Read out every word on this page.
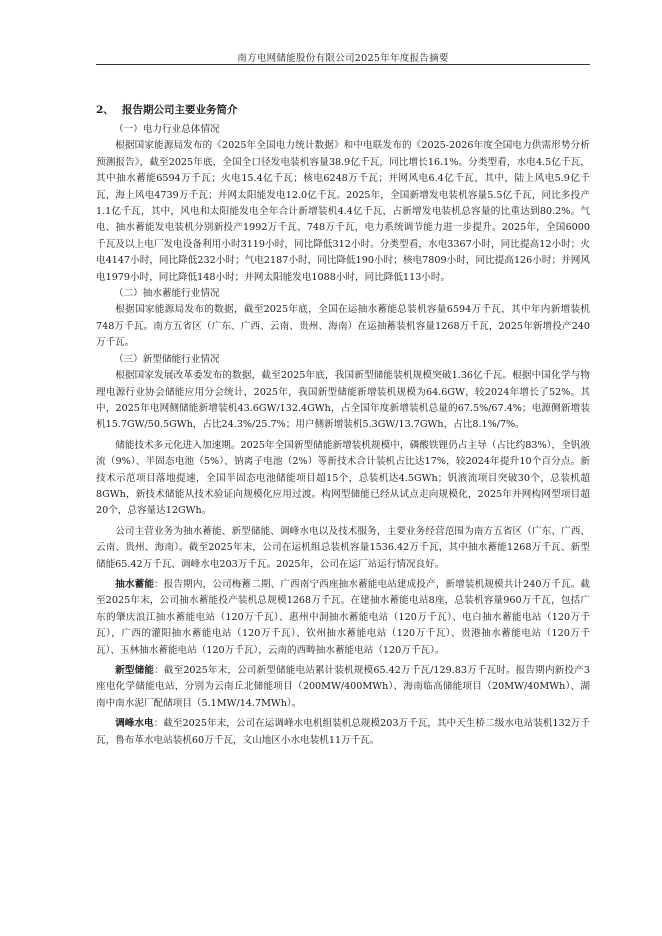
南方电网储能股份有限公司2025年年度报告摘要
2、 报告期公司主要业务简介
（一）电力行业总体情况

根据国家能源局发布的《2025年全国电力统计数据》和中电联发布的《2025-2026年度全国电力供需形势分析预测报告》，截至2025年底，全国全口径发电装机容量38.9亿千瓦，同比增长16.1%。分类型看，水电4.5亿千瓦，其中抽水蓄能6594万千瓦；火电15.4亿千瓦；核电6248万千瓦；并网风电6.4亿千瓦，其中，陆上风电5.9亿千瓦，海上风电4739万千瓦；并网太阳能发电12.0亿千瓦。2025年，全国新增发电装机容量5.5亿千瓦，同比多投产1.1亿千瓦，其中，风电和太阳能发电全年合计新增装机4.4亿千瓦，占新增发电装机总容量的比重达到80.2%。气电、抽水蓄能发电装机分别新投产1992万千瓦、748万千瓦，电力系统调节能力进一步提升。2025年，全国6000千瓦及以上电厂发电设备利用小时3119小时，同比降低312小时。分类型看，水电3367小时，同比提高12小时；火电4147小时，同比降低232小时；气电2187小时，同比降低190小时；核电7809小时，同比提高126小时；并网风电1979小时，同比降低148小时；并网太阳能发电1088小时，同比降低113小时。

（二）抽水蓄能行业情况

根据国家能源局发布的数据，截至2025年底，全国在运抽水蓄能总装机容量6594万千瓦，其中年内新增装机748万千瓦。南方五省区（广东、广西、云南、贵州、海南）在运抽蓄装机容量1268万千瓦，2025年新增投产240万千瓦。

（三）新型储能行业情况

根据国家发展改革委发布的数据，截至2025年底，我国新型储能装机规模突破1.36亿千瓦。根据中国化学与物理电源行业协会储能应用分会统计，2025年，我国新型储能新增装机规模为64.6GW，较2024年增长了52%。其中，2025年电网侧储能新增装机43.6GW/132.4GWh，占全国年度新增装机总量的67.5%/67.4%；电源侧新增装机15.7GW/50.5GWh，占比24.3%/25.7%；用户侧新增装机5.3GW/13.7GWh，占比8.1%/7%。

储能技术多元化进入加速期。2025年全国新型储能新增装机规模中，磷酸铁锂仍占主导（占比约83%），全钒液流（9%）、半固态电池（5%）、钠离子电池（2%）等新技术合计装机占比达17%，较2024年提升10个百分点。新技术示范项目落地提速，全国半固态电池储能项目超15个，总装机达4.5GWh；钒液流项目突破30个，总装机超8GWh，新技术储能从技术验证向规模化应用过渡。构网型储能已经从试点走向规模化，2025年并网构网型项目超20个，总容量达12GWh。

公司主营业务为抽水蓄能、新型储能、调峰水电以及技术服务，主要业务经营范围为南方五省区（广东、广西、云南、贵州、海南）。截至2025年末，公司在运机组总装机容量1536.42万千瓦，其中抽水蓄能1268万千瓦、新型储能65.42万千瓦、调峰水电203万千瓦。2025年，公司在运厂站运行情况良好。

抽水蓄能：报告期内，公司梅蓄二期、广西南宁西座抽水蓄能电站建成投产，新增装机规模共计240万千瓦。截至2025年末，公司抽水蓄能投产装机总规模1268万千瓦。在建抽水蓄能电站8座，总装机容量960万千瓦，包括广东的肇庆浪江抽水蓄能电站（120万千瓦）、惠州中洞抽水蓄能电站（120万千瓦）、电白抽水蓄能电站（120万千瓦），广西的灌阳抽水蓄能电站（120万千瓦）、钦州抽水蓄能电站（120万千瓦）、贵港抽水蓄能电站（120万千瓦）、玉林抽水蓄能电站（120万千瓦），云南的西畴抽水蓄能电站（120万千瓦）。

新型储能：截至2025年末，公司新型储能电站累计装机规模65.42万千瓦/129.83万千瓦时。报告期内新投产3座电化学储能电站，分别为云南丘北储能项目（200MW/400MWh）、海南临高储能项目（20MW/40MWh）、湖南中南水泥厂配储项目（5.1MW/14.7MWh）。

调峰水电：截至2025年末，公司在运调峰水电机组装机总规模203万千瓦，其中天生桥二级水电站装机132万千瓦，鲁布革水电站装机60万千瓦，文山地区小水电装机11万千瓦。
